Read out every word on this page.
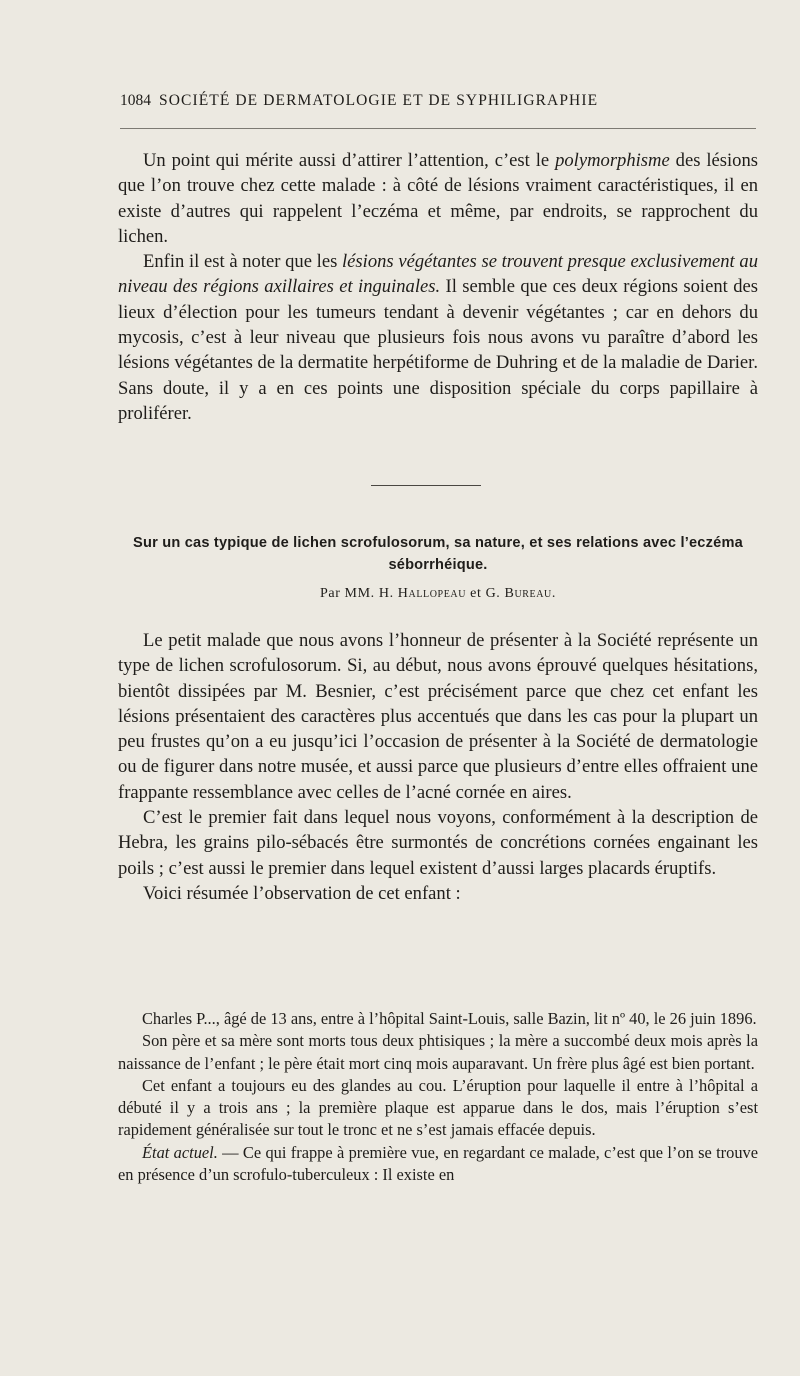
1084 SOCIÉTÉ DE DERMATOLOGIE ET DE SYPHILIGRAPHIE

Un point qui mérite aussi d’attirer l’attention, c’est le polymorphisme des lésions que l’on trouve chez cette malade : à côté de lésions vraiment caractéristiques, il en existe d’autres qui rappelent l’eczéma et même, par endroits, se rapprochent du lichen.

Enfin il est à noter que les lésions végétantes se trouvent presque exclusivement au niveau des régions axillaires et inguinales. Il semble que ces deux régions soient des lieux d’élection pour les tumeurs tendant à devenir végétantes ; car en dehors du mycosis, c’est à leur niveau que plusieurs fois nous avons vu paraître d’abord les lésions végétantes de la dermatite herpétiforme de Duhring et de la maladie de Darier. Sans doute, il y a en ces points une disposition spéciale du corps papillaire à proliférer.

Sur un cas typique de lichen scrofulosorum, sa nature, et ses relations avec l’eczéma séborrhéique.
Par MM. H. Hallopeau et G. Bureau.

Le petit malade que nous avons l’honneur de présenter à la Société représente un type de lichen scrofulosorum. Si, au début, nous avons éprouvé quelques hésitations, bientôt dissipées par M. Besnier, c’est précisément parce que chez cet enfant les lésions présentaient des caractères plus accentués que dans les cas pour la plupart un peu frustes qu’on a eu jusqu’ici l’occasion de présenter à la Société de dermatologie ou de figurer dans notre musée, et aussi parce que plusieurs d’entre elles offraient une frappante ressemblance avec celles de l’acné cornée en aires.

C’est le premier fait dans lequel nous voyons, conformément à la description de Hebra, les grains pilo-sébacés être surmontés de concrétions cornées engainant les poils ; c’est aussi le premier dans lequel existent d’aussi larges placards éruptifs.

Voici résumée l’observation de cet enfant :

Charles P..., âgé de 13 ans, entre à l’hôpital Saint-Louis, salle Bazin, lit nº 40, le 26 juin 1896.

Son père et sa mère sont morts tous deux phtisiques ; la mère a succombé deux mois après la naissance de l’enfant ; le père était mort cinq mois auparavant. Un frère plus âgé est bien portant.

Cet enfant a toujours eu des glandes au cou. L’éruption pour laquelle il entre à l’hôpital a débuté il y a trois ans ; la première plaque est apparue dans le dos, mais l’éruption s’est rapidement généralisée sur tout le tronc et ne s’est jamais effacée depuis.

État actuel. — Ce qui frappe à première vue, en regardant ce malade, c’est que l’on se trouve en présence d’un scrofulo-tuberculeux : Il existe en
